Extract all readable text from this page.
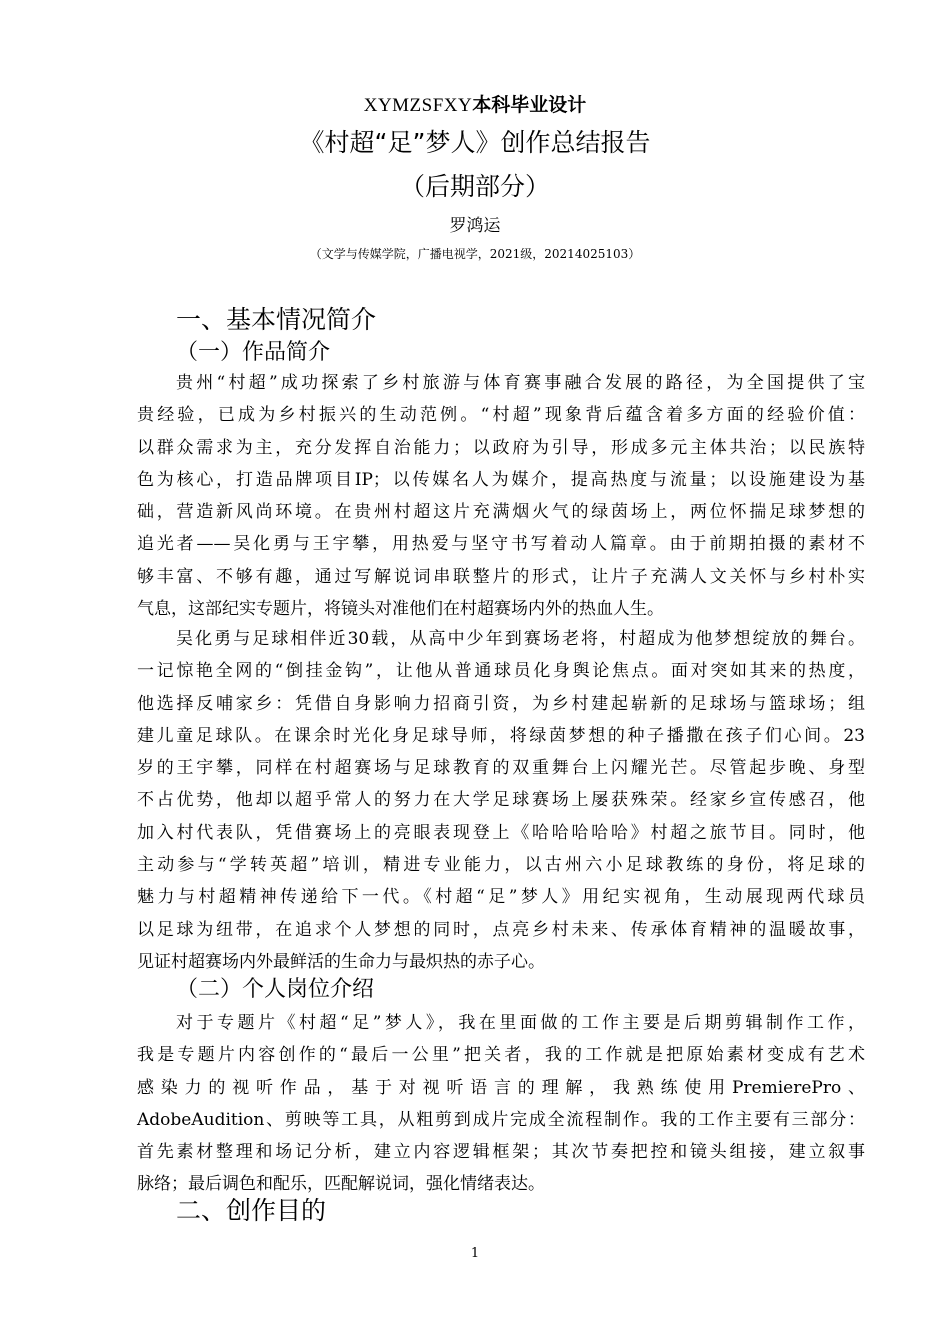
XYMZSFXY本科毕业设计
《村超“足”梦人》创作总结报告
（后期部分）
罗鸿运
（文学与传媒学院，广播电视学，2021级，20214025103）
一、基本情况简介
（一）作品简介
贵州“村超”成功探索了乡村旅游与体育赛事融合发展的路径，为全国提供了宝
贵经验，已成为乡村振兴的生动范例。“村超”现象背后蕴含着多方面的经验价值：
以群众需求为主，充分发挥自治能力；以政府为引导，形成多元主体共治；以民族特
色为核心，打造品牌项目IP；以传媒名人为媒介，提高热度与流量；以设施建设为基
础，营造新风尚环境。在贵州村超这片充满烟火气的绿茵场上，两位怀揣足球梦想的
追光者——吴化勇与王宇攀，用热爱与坚守书写着动人篇章。由于前期拍摄的素材不
够丰富、不够有趣，通过写解说词串联整片的形式，让片子充满人文关怀与乡村朴实
气息，这部纪实专题片，将镜头对准他们在村超赛场内外的热血人生。
吴化勇与足球相伴近30载，从高中少年到赛场老将，村超成为他梦想绽放的舞台。
一记惊艳全网的“倒挂金钩”，让他从普通球员化身舆论焦点。面对突如其来的热度，
他选择反哺家乡：凭借自身影响力招商引资，为乡村建起崭新的足球场与篮球场；组
建儿童足球队。在课余时光化身足球导师，将绿茵梦想的种子播撒在孩子们心间。23
岁的王宇攀，同样在村超赛场与足球教育的双重舞台上闪耀光芒。尽管起步晚、身型
不占优势，他却以超乎常人的努力在大学足球赛场上屡获殊荣。经家乡宣传感召，他
加入村代表队，凭借赛场上的亮眼表现登上《哈哈哈哈哈》村超之旅节目。同时，他
主动参与“学转英超”培训，精进专业能力，以古州六小足球教练的身份，将足球的
魅力与村超精神传递给下一代。《村超“足”梦人》用纪实视角，生动展现两代球员
以足球为纽带，在追求个人梦想的同时，点亮乡村未来、传承体育精神的温暖故事，
见证村超赛场内外最鲜活的生命力与最炽热的赤子心。
（二）个人岗位介绍
对于专题片《村超“足”梦人》，我在里面做的工作主要是后期剪辑制作工作，
我是专题片内容创作的“最后一公里”把关者，我的工作就是把原始素材变成有艺术
感染力的视听作品，基于对视听语言的理解，我熟练使用PremierePro、
AdobeAudition、剪映等工具，从粗剪到成片完成全流程制作。我的工作主要有三部分：
首先素材整理和场记分析，建立内容逻辑框架；其次节奏把控和镜头组接，建立叙事
脉络；最后调色和配乐，匹配解说词，强化情绪表达。
二、创作目的
1
